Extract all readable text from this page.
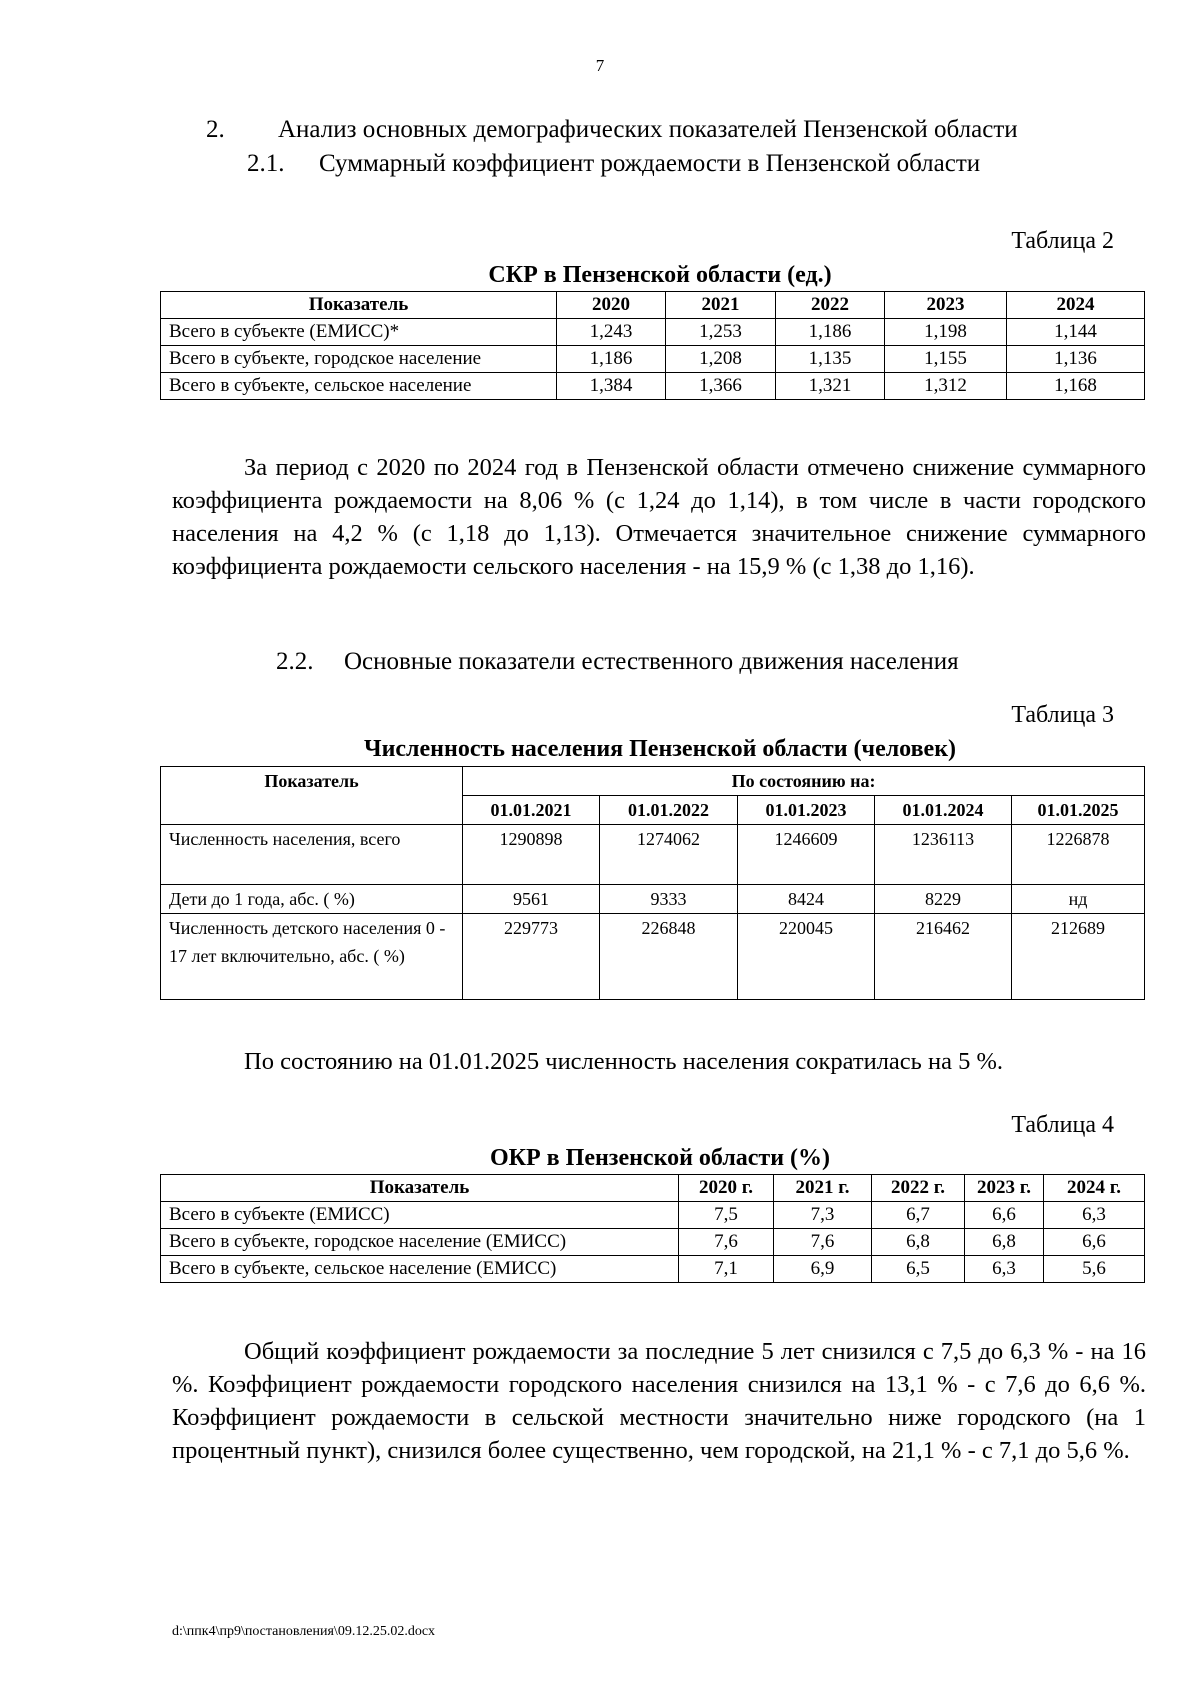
7
2. Анализ основных демографических показателей Пензенской области
2.1. Суммарный коэффициент рождаемости в Пензенской области
Таблица 2
СКР в Пензенской области (ед.)
Показатель	2020	2021	2022	2023	2024
Всего в субъекте (ЕМИСС)*	1,243	1,253	1,186	1,198	1,144
Всего в субъекте, городское население	1,186	1,208	1,135	1,155	1,136
Всего в субъекте, сельское население	1,384	1,366	1,321	1,312	1,168

За период с 2020 по 2024 год в Пензенской области отмечено снижение суммарного коэффициента рождаемости на 8,06 % (с 1,24 до 1,14), в том числе в части городского населения на 4,2 % (с 1,18 до 1,13). Отмечается значительное снижение суммарного коэффициента рождаемости сельского населения - на 15,9 % (с 1,38 до 1,16).

2.2. Основные показатели естественного движения населения
Таблица 3
Численность населения Пензенской области (человек)
Показатель	По состоянию на:				
	01.01.2021	01.01.2022	01.01.2023	01.01.2024	01.01.2025
Численность населения, всего	1290898	1274062	1246609	1236113	1226878
Дети до 1 года, абс. ( %)	9561	9333	8424	8229	нд
Численность детского населения 0 - 17 лет включительно, абс. ( %)	229773	226848	220045	216462	212689

По состоянию на 01.01.2025 численность населения сократилась на 5 %.

Таблица 4
ОКР в Пензенской области (%)
Показатель	2020 г.	2021 г.	2022 г.	2023 г.	2024 г.
Всего в субъекте (ЕМИСС)	7,5	7,3	6,7	6,6	6,3
Всего в субъекте, городское население (ЕМИСС)	7,6	7,6	6,8	6,8	6,6
Всего в субъекте, сельское население (ЕМИСС)	7,1	6,9	6,5	6,3	5,6

Общий коэффициент рождаемости за последние 5 лет снизился с 7,5 до 6,3 % - на 16 %. Коэффициент рождаемости городского населения снизился на 13,1 % - с 7,6 до 6,6 %. Коэффициент рождаемости в сельской местности значительно ниже городского (на 1 процентный пункт), снизился более существенно, чем городской, на 21,1 % - с 7,1 до 5,6 %.

d:\ппк4\пр9\постановления\09.12.25.02.docx
